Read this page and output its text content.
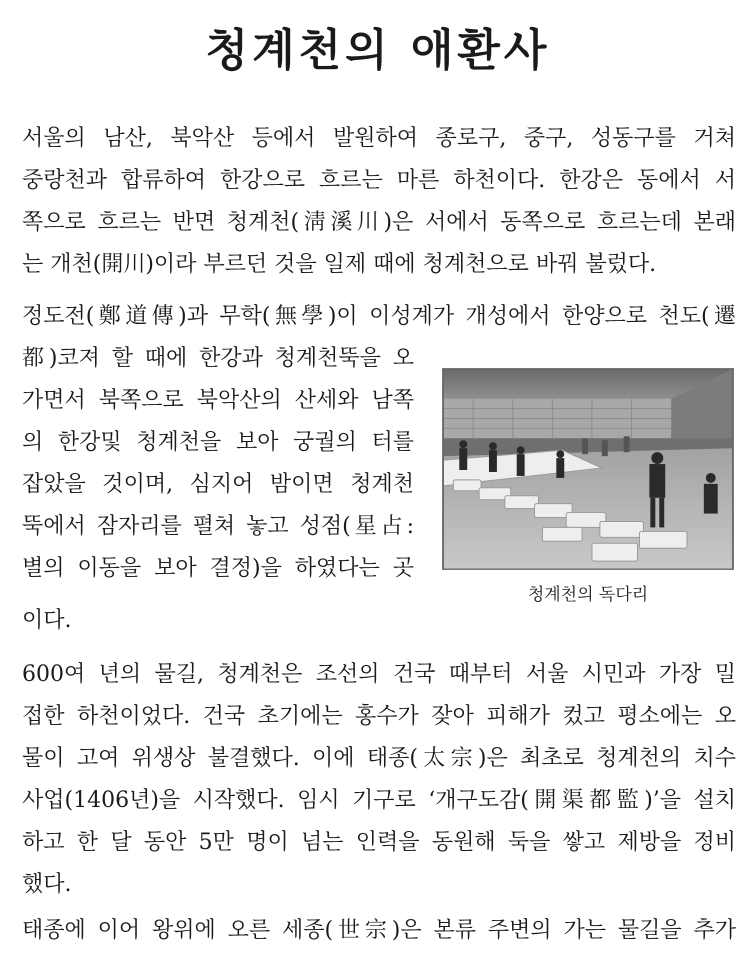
청계천의 애환사
서울의 남산, 북악산 등에서 발원하여 종로구, 중구, 성동구를 거쳐
중랑천과 합류하여 한강으로 흐르는 마른 하천이다. 한강은 동에서 서
쪽으로 흐르는 반면 청계천(淸溪川)은 서에서 동쪽으로 흐르는데 본래
는 개천(開川)이라 부르던 것을 일제 때에 청계천으로 바꿔 불렀다.
정도전(鄭道傳)과 무학(無學)이 이성계가 개성에서 한양으로 천도(遷
都)코져 할 때에 한강과 청계천뚝을 오
가면서 북쪽으로 북악산의 산세와 남쪽
의 한강및 청계천을 보아 궁궐의 터를
잡았을 것이며, 심지어 밤이면 청계천
뚝에서 잠자리를 펼쳐 놓고 성점(星占:
별의 이동을 보아 결정)을 하였다는 곳
이다.
600여 년의 물길, 청계천은 조선의 건국 때부터 서울 시민과 가장 밀
접한 하천이었다. 건국 초기에는 홍수가 잦아 피해가 컸고 평소에는 오
물이 고여 위생상 불결했다. 이에 태종(太宗)은 최초로 청계천의 치수
사업(1406년)을 시작했다. 임시 기구로 ‘개구도감(開渠都監)’을 설치
하고 한 달 동안 5만 명이 넘는 인력을 동원해 둑을 쌓고 제방을 정비
했다.
태종에 이어 왕위에 오른 세종(世宗)은 본류 주변의 가는 물길을 추가
청계천의 독다리
